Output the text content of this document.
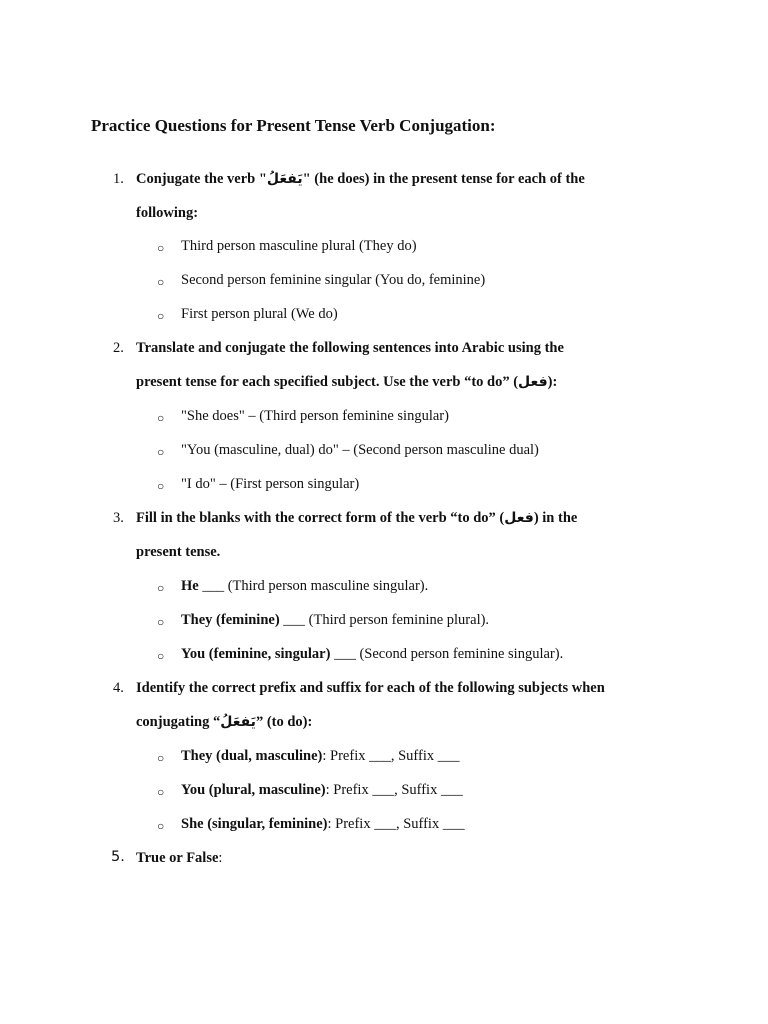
Practice Questions for Present Tense Verb Conjugation:
1. Conjugate the verb "يَفعَلُ" (he does) in the present tense for each of the
following:
○ Third person masculine plural (They do)
○ Second person feminine singular (You do, feminine)
○ First person plural (We do)
2. Translate and conjugate the following sentences into Arabic using the
present tense for each specified subject. Use the verb “to do” (فعل):
○ "She does" – (Third person feminine singular)
○ "You (masculine, dual) do" – (Second person masculine dual)
○ "I do" – (First person singular)
3. Fill in the blanks with the correct form of the verb “to do” (فعل) in the
present tense.
○ He ___ (Third person masculine singular).
○ They (feminine) ___ (Third person feminine plural).
○ You (feminine, singular) ___ (Second person feminine singular).
4. Identify the correct prefix and suffix for each of the following subjects when
conjugating “يَفعَلُ” (to do):
○ They (dual, masculine): Prefix ___, Suffix ___
○ You (plural, masculine): Prefix ___, Suffix ___
○ She (singular, feminine): Prefix ___, Suffix ___
5. True or False:
